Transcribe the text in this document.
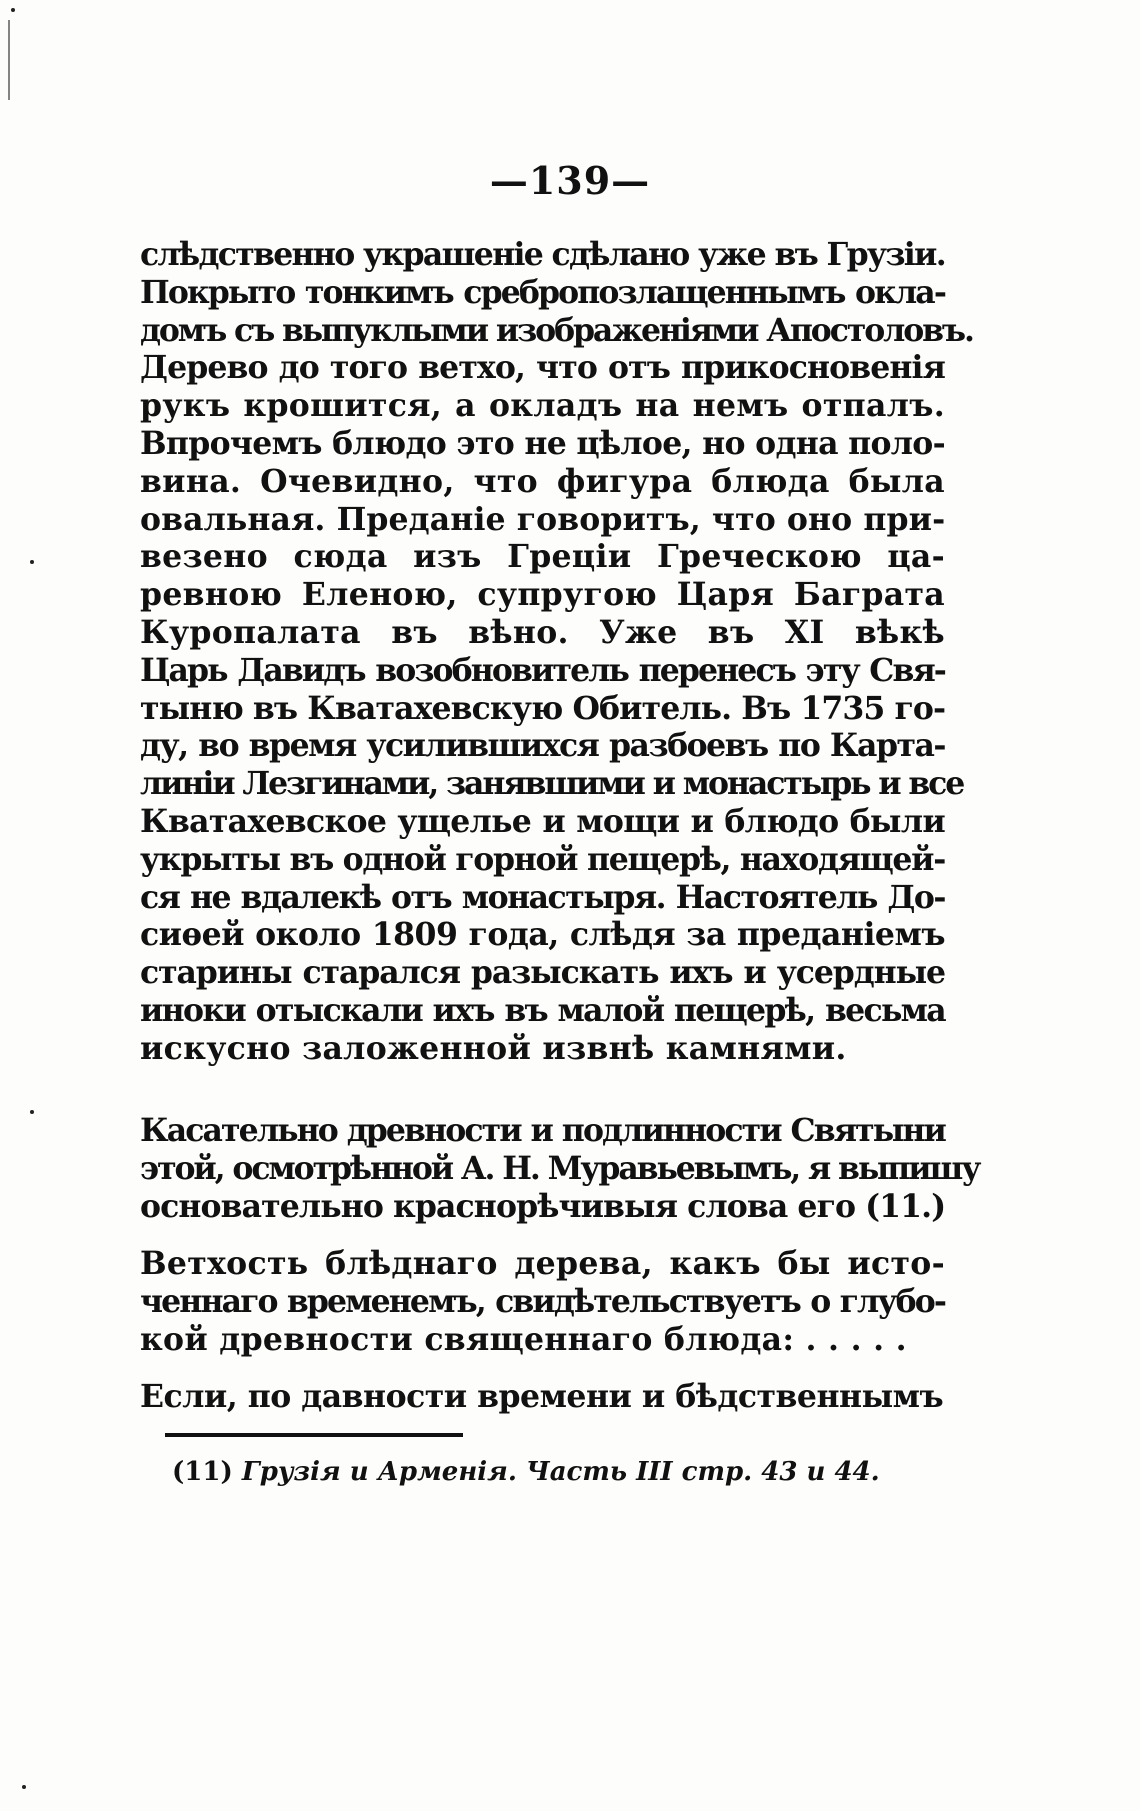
—139—
слѣдственно украшеніе сдѣлано уже въ Грузіи.
Покрыто тонкимъ сребропозлащеннымъ окла-
домъ съ выпуклыми изображеніями Апостоловъ.
Дерево до того ветхо, что отъ прикосновенія
рукъ крошится, а окладъ на немъ отпалъ.
Впрочемъ блюдо это не цѣлое, но одна поло-
вина. Очевидно, что фигура блюда была
овальная. Преданіе говоритъ, что оно при-
везено сюда изъ Греціи Греческою ца-
ревною Еленою, супругою Царя Баграта
Куропалата въ вѣно. Уже въ XI вѣкѣ
Царь Давидъ возобновитель перенесъ эту Свя-
тыню въ Кватахевскую Обитель. Въ 1735 го-
ду, во время усилившихся разбоевъ по Карта-
линіи Лезгинами, занявшими и монастырь и все
Кватахевское ущелье и мощи и блюдо были
укрыты въ одной горной пещерѣ, находящей-
ся не вдалекѣ отъ монастыря. Настоятель До-
сиѳей около 1809 года, слѣдя за преданіемъ
старины старался разыскать ихъ и усердные
иноки отыскали ихъ въ малой пещерѣ, весьма
искусно заложенной извнѣ камнями.
Касательно древности и подлинности Святыни
этой, осмотрѣнной А. Н. Муравьевымъ, я выпишу
основательно краснорѣчивыя слова его (11.)
Ветхость блѣднаго дерева, какъ бы исто-
ченнаго временемъ, свидѣтельствуетъ о глубо-
кой древности священнаго блюда: . . . . .
Если, по давности времени и бѣдственнымъ
(11) Грузія и Арменія. Часть III стр. 43 и 44.
